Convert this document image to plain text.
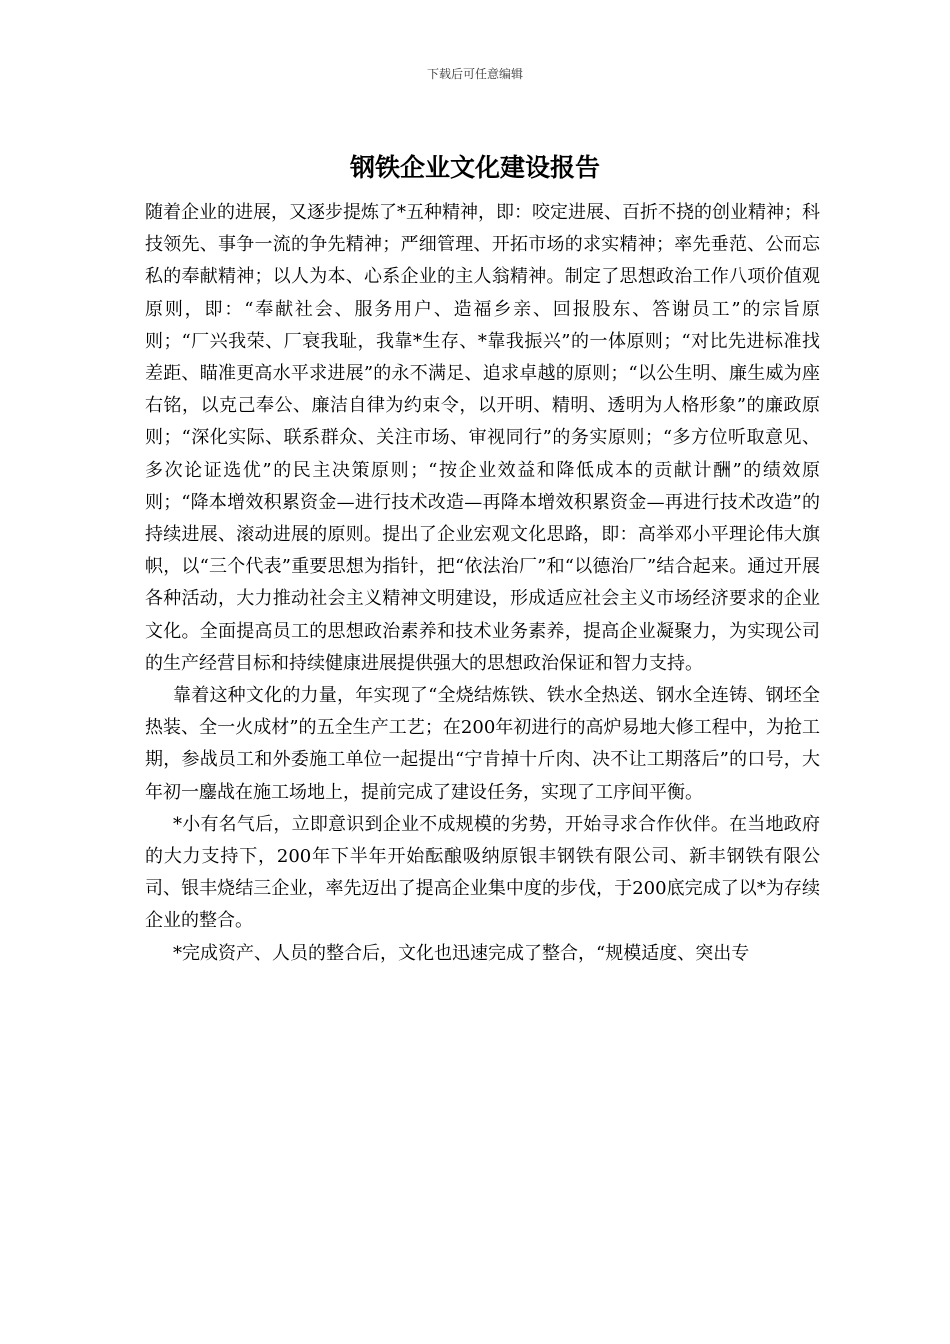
下载后可任意编辑
钢铁企业文化建设报告

随着企业的进展，又逐步提炼了*五种精神，即：咬定进展、百折不挠的创业精神；科技领先、事争一流的争先精神；严细管理、开拓市场的求实精神；率先垂范、公而忘私的奉献精神；以人为本、心系企业的主人翁精神。制定了思想政治工作八项价值观原则，即：“奉献社会、服务用户、造福乡亲、回报股东、答谢员工”的宗旨原则；“厂兴我荣、厂衰我耻，我靠*生存、*靠我振兴”的一体原则；“对比先进标准找差距、瞄准更高水平求进展”的永不满足、追求卓越的原则；“以公生明、廉生威为座右铭，以克己奉公、廉洁自律为约束令，以开明、精明、透明为人格形象”的廉政原则；“深化实际、联系群众、关注市场、审视同行”的务实原则；“多方位听取意见、多次论证选优”的民主决策原则；“按企业效益和降低成本的贡献计酬”的绩效原则；“降本增效积累资金—进行技术改造—再降本增效积累资金—再进行技术改造”的持续进展、滚动进展的原则。提出了企业宏观文化思路，即：高举邓小平理论伟大旗帜，以“三个代表”重要思想为指针，把“依法治厂”和“以德治厂”结合起来。通过开展各种活动，大力推动社会主义精神文明建设，形成适应社会主义市场经济要求的企业文化。全面提高员工的思想政治素养和技术业务素养，提高企业凝聚力，为实现公司的生产经营目标和持续健康进展提供强大的思想政治保证和智力支持。

靠着这种文化的力量，年实现了“全烧结炼铁、铁水全热送、钢水全连铸、钢坯全热装、全一火成材”的五全生产工艺；在200年初进行的高炉易地大修工程中，为抢工期，参战员工和外委施工单位一起提出“宁肯掉十斤肉、决不让工期落后”的口号，大年初一鏖战在施工场地上，提前完成了建设任务，实现了工序间平衡。

*小有名气后，立即意识到企业不成规模的劣势，开始寻求合作伙伴。在当地政府的大力支持下，200年下半年开始酝酿吸纳原银丰钢铁有限公司、新丰钢铁有限公司、银丰烧结三企业，率先迈出了提高企业集中度的步伐，于200底完成了以*为存续企业的整合。

*完成资产、人员的整合后，文化也迅速完成了整合，“规模适度、突出专
